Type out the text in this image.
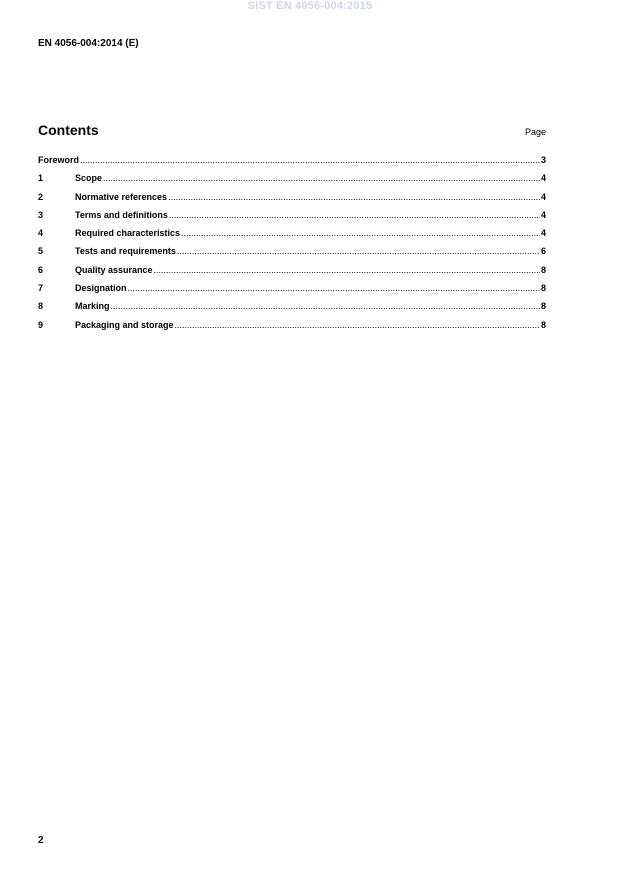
SIST EN 4056-004:2015
EN 4056-004:2014 (E)
Contents	Page
Foreword .....	3
1	Scope .....	4
2	Normative references .....	4
3	Terms and definitions .....	4
4	Required characteristics .....	4
5	Tests and requirements .....	6
6	Quality assurance .....	8
7	Designation .....	8
8	Marking .....	8
9	Packaging and storage .....	8
2
